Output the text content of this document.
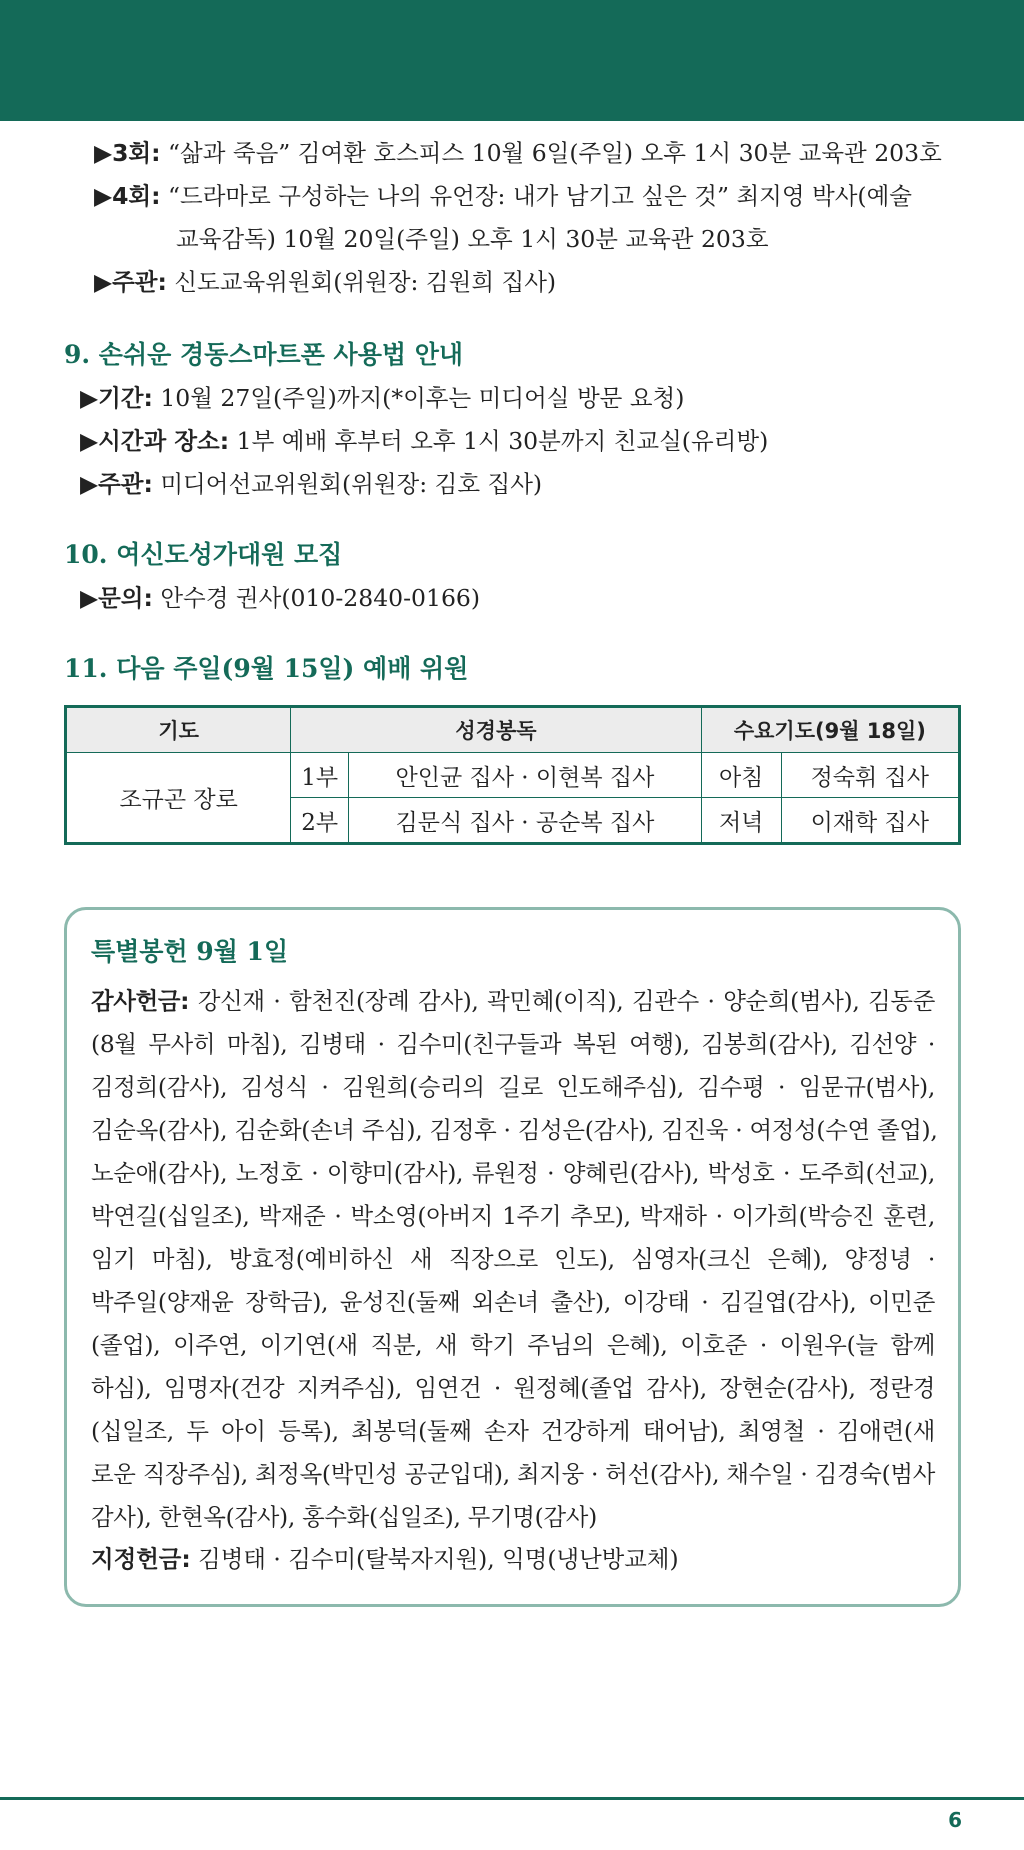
▶3회: “삶과 죽음” 김여환 호스피스 10월 6일(주일) 오후 1시 30분 교육관 203호
▶4회: “드라마로 구성하는 나의 유언장: 내가 남기고 싶은 것” 최지영 박사(예술
교육감독) 10월 20일(주일) 오후 1시 30분 교육관 203호
▶주관: 신도교육위원회(위원장: 김원희 집사)
9. 손쉬운 경동스마트폰 사용법 안내
▶기간: 10월 27일(주일)까지(*이후는 미디어실 방문 요청)
▶시간과 장소: 1부 예배 후부터 오후 1시 30분까지 친교실(유리방)
▶주관: 미디어선교위원회(위원장: 김호 집사)
10. 여신도성가대원 모집
▶문의: 안수경 권사(010-2840-0166)
11. 다음 주일(9월 15일) 예배 위원
기도	성경봉독		수요기도(9월 18일)	
조규곤 장로	1부	안인균 집사 · 이현복 집사	아침	정숙휘 집사
	2부	김문식 집사 · 공순복 집사	저녁	이재학 집사
특별봉헌 9월 1일
감사헌금: 강신재 · 함천진(장례 감사), 곽민혜(이직), 김관수 · 양순희(범사), 김동준
(8월 무사히 마침), 김병태 · 김수미(친구들과 복된 여행), 김봉희(감사), 김선양 ·
김정희(감사), 김성식 · 김원희(승리의 길로 인도해주심), 김수평 · 임문규(범사),
김순옥(감사), 김순화(손녀 주심), 김정후 · 김성은(감사), 김진욱 · 여정성(수연 졸업),
노순애(감사), 노정호 · 이향미(감사), 류원정 · 양혜린(감사), 박성호 · 도주희(선교),
박연길(십일조), 박재준 · 박소영(아버지 1주기 추모), 박재하 · 이가희(박승진 훈련,
임기 마침), 방효정(예비하신 새 직장으로 인도), 심영자(크신 은혜), 양정녕 ·
박주일(양재윤 장학금), 윤성진(둘째 외손녀 출산), 이강태 · 김길엽(감사), 이민준
(졸업), 이주연, 이기연(새 직분, 새 학기 주님의 은혜), 이호준 · 이원우(늘 함께
하심), 임명자(건강 지켜주심), 임연건 · 원정혜(졸업 감사), 장현순(감사), 정란경
(십일조, 두 아이 등록), 최봉덕(둘째 손자 건강하게 태어남), 최영철 · 김애련(새
로운 직장주심), 최정옥(박민성 공군입대), 최지웅 · 허선(감사), 채수일 · 김경숙(범사
감사), 한현옥(감사), 홍수화(십일조), 무기명(감사)
지정헌금: 김병태 · 김수미(탈북자지원), 익명(냉난방교체)
6
